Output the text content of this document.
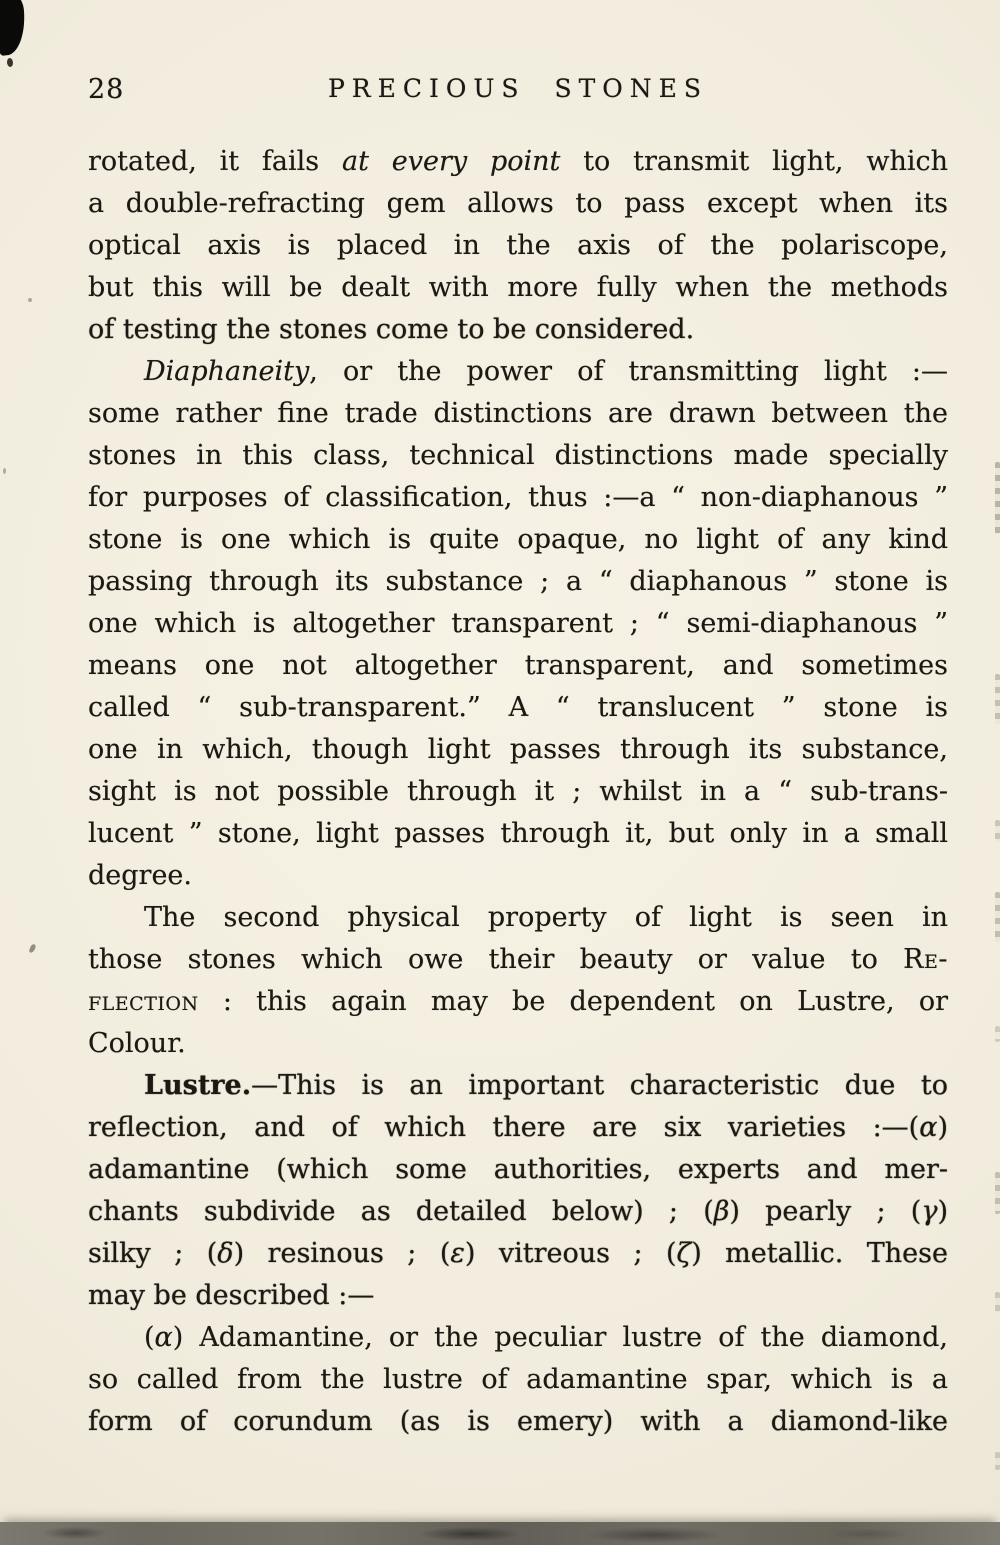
28	PRECIOUS STONES
rotated, it fails at every point to transmit light, which
a double-refracting gem allows to pass except when its
optical axis is placed in the axis of the polariscope,
but this will be dealt with more fully when the methods
of testing the stones come to be considered.
Diaphaneity, or the power of transmitting light :—
some rather fine trade distinctions are drawn between the
stones in this class, technical distinctions made specially
for purposes of classification, thus :—a “ non-diaphanous ”
stone is one which is quite opaque, no light of any kind
passing through its substance ; a “ diaphanous ” stone is
one which is altogether transparent ; “ semi-diaphanous ”
means one not altogether transparent, and sometimes
called “ sub-transparent.” A “ translucent ” stone is
one in which, though light passes through its substance,
sight is not possible through it ; whilst in a “ sub-trans-
lucent ” stone, light passes through it, but only in a small
degree.
The second physical property of light is seen in
those stones which owe their beauty or value to Re-
flection : this again may be dependent on Lustre, or
Colour.
Lustre.—This is an important characteristic due to
reflection, and of which there are six varieties :—(α)
adamantine (which some authorities, experts and mer-
chants subdivide as detailed below) ; (β) pearly ; (γ)
silky ; (δ) resinous ; (ε) vitreous ; (ζ) metallic. These
may be described :—
(α) Adamantine, or the peculiar lustre of the diamond,
so called from the lustre of adamantine spar, which is a
form of corundum (as is emery) with a diamond-like
